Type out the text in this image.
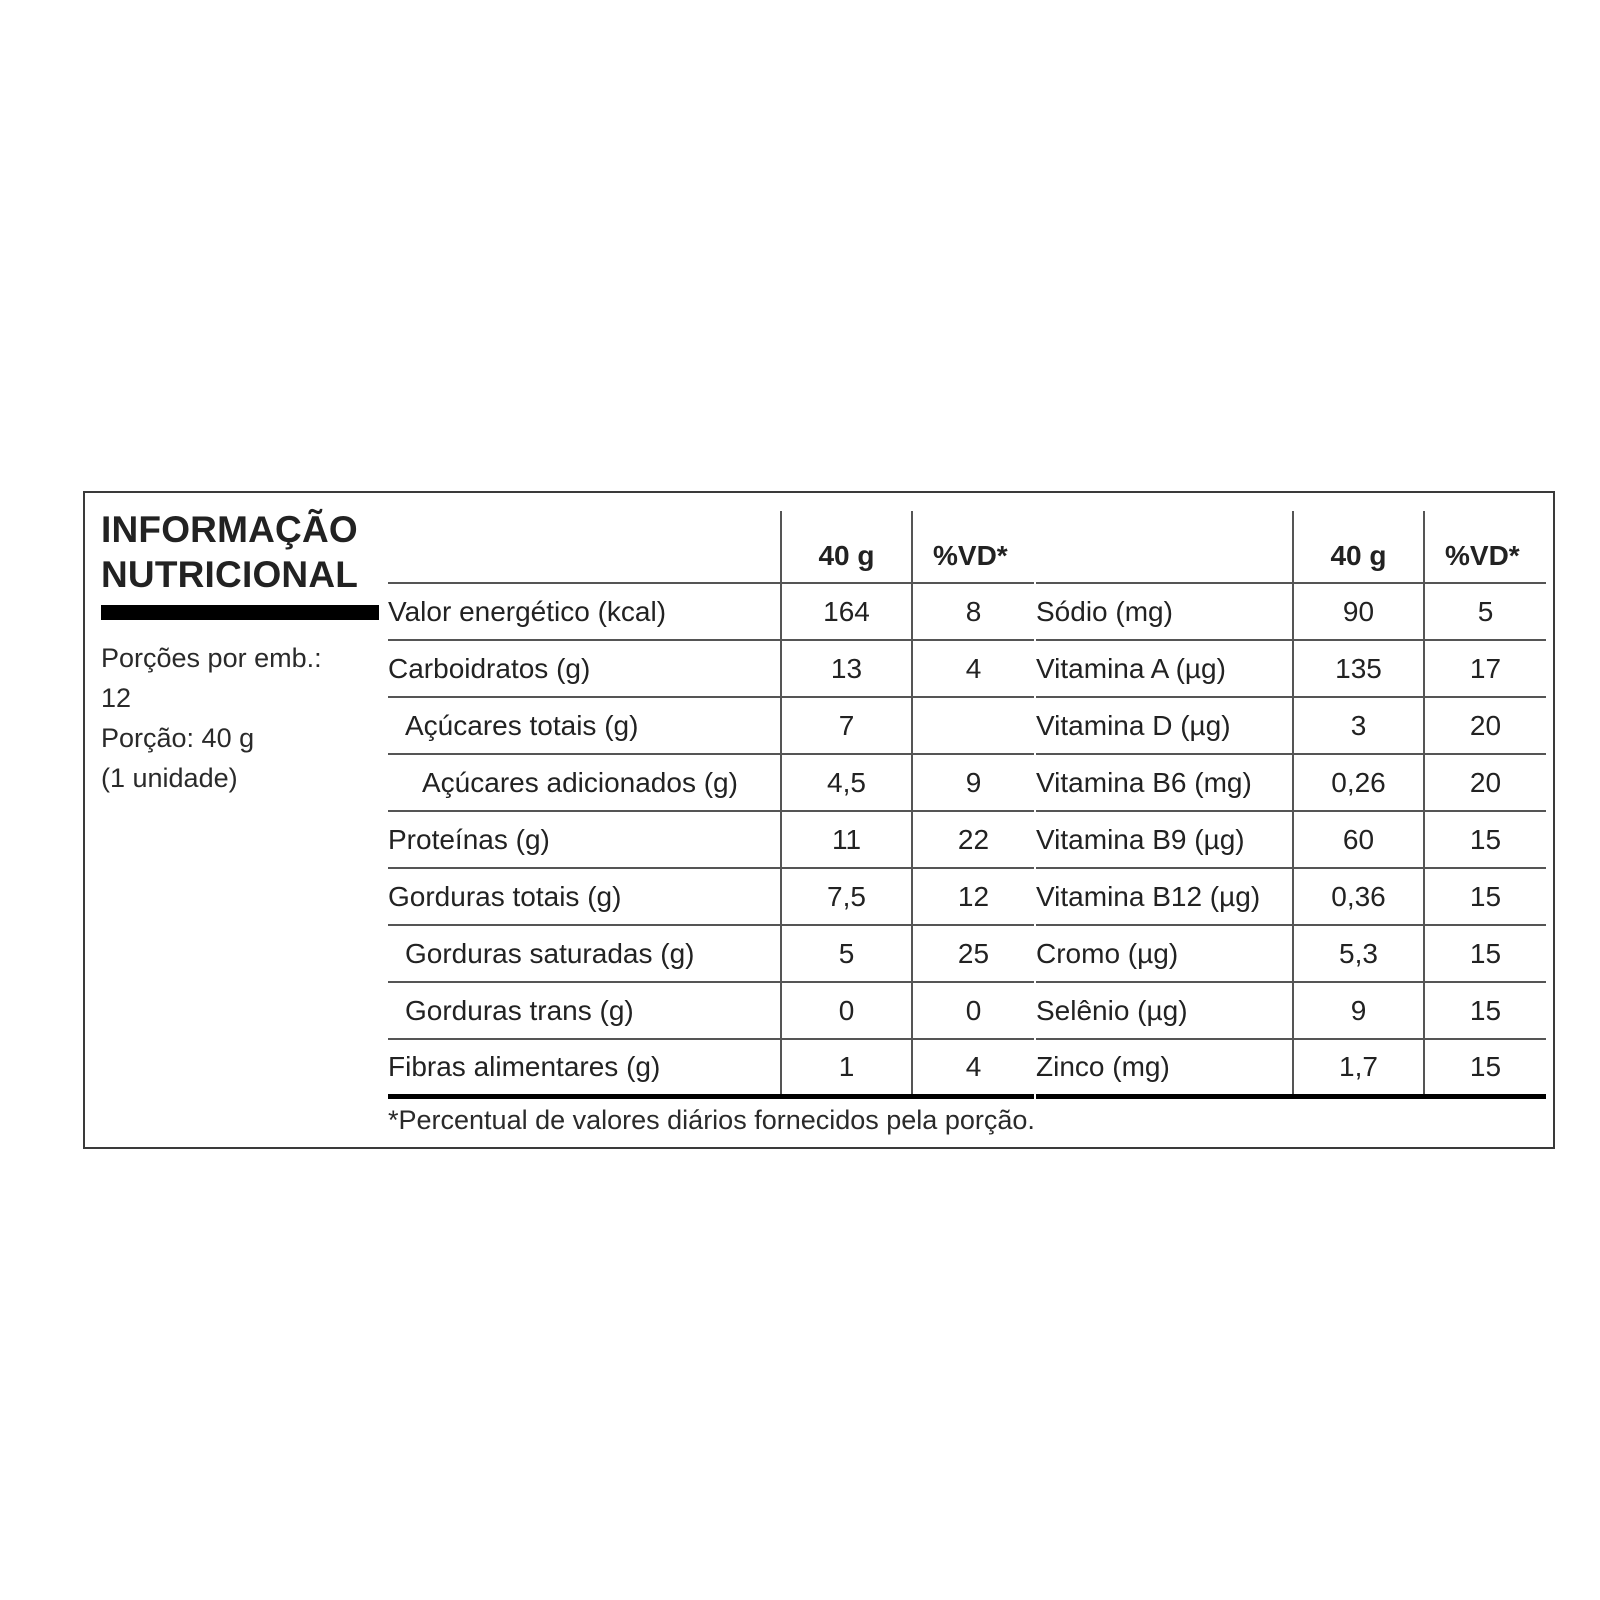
INFORMAÇÃO
NUTRICIONAL
Porções por emb.:
12
Porção: 40 g
(1 unidade)
	40 g	%VD*
Valor energético (kcal)	164	8
Carboidratos (g)	13	4
Açúcares totais (g)	7	
Açúcares adicionados (g)	4,5	9
Proteínas (g)	11	22
Gorduras totais (g)	7,5	12
Gorduras saturadas (g)	5	25
Gorduras trans (g)	0	0
Fibras alimentares (g)	1	4
	40 g	%VD*
Sódio (mg)	90	5
Vitamina A (µg)	135	17
Vitamina D (µg)	3	20
Vitamina B6 (mg)	0,26	20
Vitamina B9 (µg)	60	15
Vitamina B12 (µg)	0,36	15
Cromo (µg)	5,3	15
Selênio (µg)	9	15
Zinco (mg)	1,7	15
*Percentual de valores diários fornecidos pela porção.
